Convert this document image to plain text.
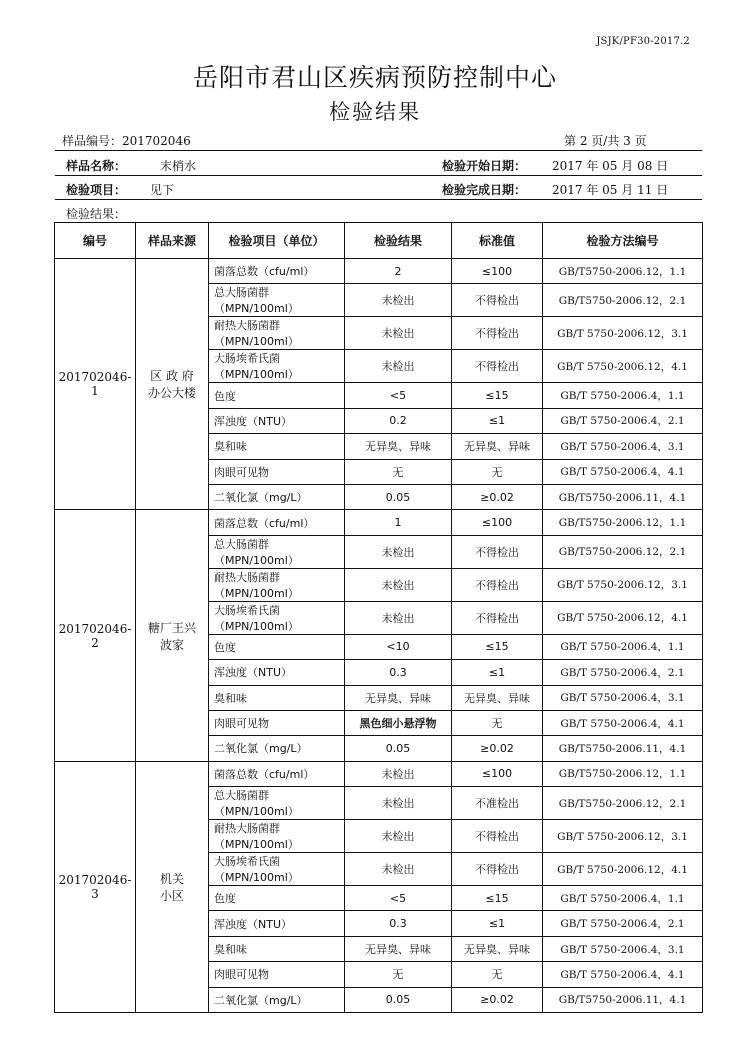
JSJK/PF30-2017.2
岳阳市君山区疾病预防控制中心
检验结果
样品编号：201702046	第 2 页/共 3 页
样品名称：	末梢水	检验开始日期： 2017 年 05 月 08 日
检验项目： 见下	检验完成日期： 2017 年 05 月 11 日
检验结果：
编号	样品来源	检验项目（单位）	检验结果	标准值	检验方法编号
201702046-
1	区 政 府
办公大楼	菌落总数（cfu/ml）	2	≤100	GB/T5750-2006.12，1.1
		总大肠菌群（MPN/100ml）	未检出	不得检出	GB/T5750-2006.12，2.1
		耐热大肠菌群（MPN/100ml）	未检出	不得检出	GB/T 5750-2006.12，3.1
		大肠埃希氏菌（MPN/100ml）	未检出	不得检出	GB/T 5750-2006.12，4.1
		色度	<5	≤15	GB/T 5750-2006.4，1.1
		浑浊度（NTU）	0.2	≤1	GB/T 5750-2006.4，2.1
		臭和味	无异臭、异味	无异臭、异味	GB/T 5750-2006.4，3.1
		肉眼可见物	无	无	GB/T 5750-2006.4，4.1
		二氧化氯（mg/L）	0.05	≥0.02	GB/T5750-2006.11，4.1
201702046-
2	糖厂王兴
波家	菌落总数（cfu/ml）	1	≤100	GB/T5750-2006.12，1.1
		总大肠菌群（MPN/100ml）	未检出	不得检出	GB/T5750-2006.12，2.1
		耐热大肠菌群（MPN/100ml）	未检出	不得检出	GB/T 5750-2006.12，3.1
		大肠埃希氏菌（MPN/100ml）	未检出	不得检出	GB/T 5750-2006.12，4.1
		色度	<10	≤15	GB/T 5750-2006.4，1.1
		浑浊度（NTU）	0.3	≤1	GB/T 5750-2006.4，2.1
		臭和味	无异臭、异味	无异臭、异味	GB/T 5750-2006.4，3.1
		肉眼可见物	黑色细小悬浮物	无	GB/T 5750-2006.4，4.1
		二氧化氯（mg/L）	0.05	≥0.02	GB/T5750-2006.11，4.1
201702046-
3	机关
小区	菌落总数（cfu/ml）	未检出	≤100	GB/T5750-2006.12，1.1
		总大肠菌群（MPN/100ml）	未检出	不准检出	GB/T5750-2006.12，2.1
		耐热大肠菌群（MPN/100ml）	未检出	不得检出	GB/T 5750-2006.12，3.1
		大肠埃希氏菌（MPN/100ml）	未检出	不得检出	GB/T 5750-2006.12，4.1
		色度	<5	≤15	GB/T 5750-2006.4，1.1
		浑浊度（NTU）	0.3	≤1	GB/T 5750-2006.4，2.1
		臭和味	无异臭、异味	无异臭、异味	GB/T 5750-2006.4，3.1
		肉眼可见物	无	无	GB/T 5750-2006.4，4.1
		二氧化氯（mg/L）	0.05	≥0.02	GB/T5750-2006.11，4.1
